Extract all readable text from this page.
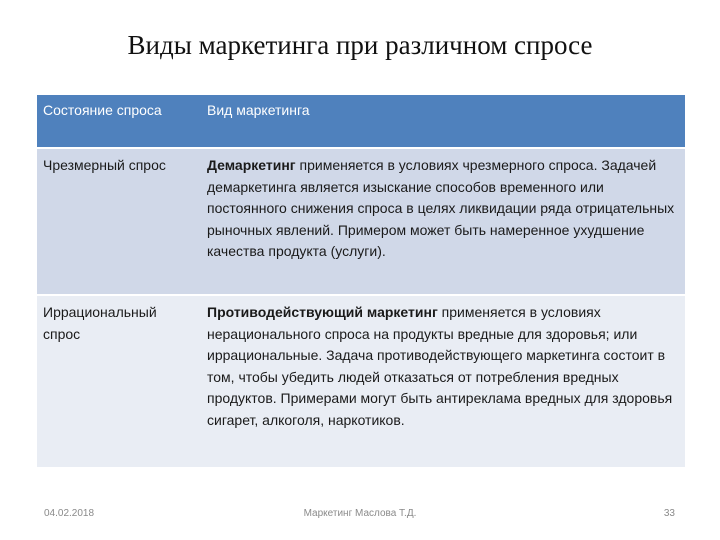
Виды маркетинга при различном спросе
Состояние спроса	Вид маркетинга
Чрезмерный спрос	Демаркетинг применяется в условиях чрезмерного спроса. Задачей демаркетинга является изыскание способов временного или постоянного снижения спроса в целях ликвидации ряда отрицательных рыночных явлений. Примером может быть намеренное ухудшение качества продукта (услуги).
Иррациональный спрос	Противодействующий маркетинг применяется в условиях нерационального спроса на продукты вредные для здоровья; или иррациональные. Задача противодействующего маркетинга состоит в том, чтобы убедить людей отказаться от потребления вредных продуктов. Примерами могут быть антиреклама вредных для здоровья сигарет, алкоголя, наркотиков.
04.02.2018	Маркетинг Маслова Т.Д.	33
